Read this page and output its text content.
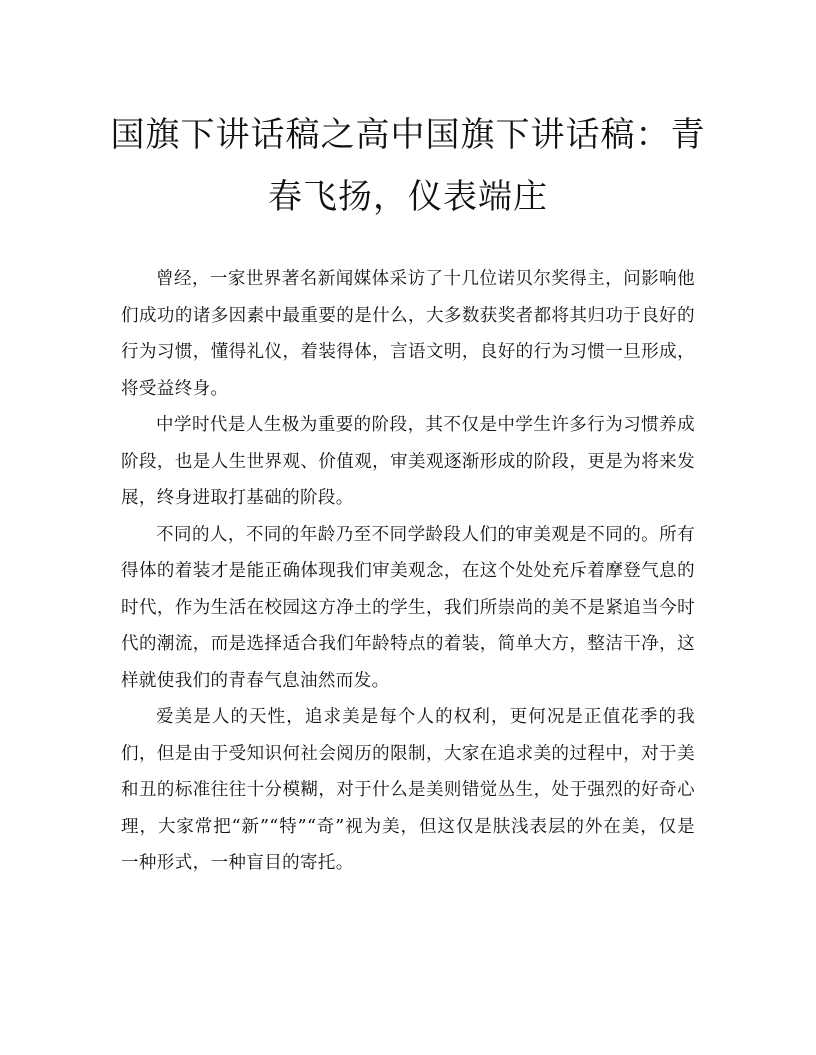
国旗下讲话稿之高中国旗下讲话稿：青春飞扬，仪表端庄

曾经，一家世界著名新闻媒体采访了十几位诺贝尔奖得主，问影响他们成功的诸多因素中最重要的是什么，大多数获奖者都将其归功于良好的行为习惯，懂得礼仪，着装得体，言语文明，良好的行为习惯一旦形成，将受益终身。

中学时代是人生极为重要的阶段，其不仅是中学生许多行为习惯养成阶段，也是人生世界观、价值观，审美观逐渐形成的阶段，更是为将来发展，终身进取打基础的阶段。

不同的人，不同的年龄乃至不同学龄段人们的审美观是不同的。所有得体的着装才是能正确体现我们审美观念，在这个处处充斥着摩登气息的时代，作为生活在校园这方净土的学生，我们所崇尚的美不是紧追当今时代的潮流，而是选择适合我们年龄特点的着装，简单大方，整洁干净，这样就使我们的青春气息油然而发。

爱美是人的天性，追求美是每个人的权利，更何况是正值花季的我们，但是由于受知识何社会阅历的限制，大家在追求美的过程中，对于美和丑的标准往往十分模糊，对于什么是美则错觉丛生，处于强烈的好奇心理，大家常把“新”“特”“奇”视为美，但这仅是肤浅表层的外在美，仅是一种形式，一种盲目的寄托。
